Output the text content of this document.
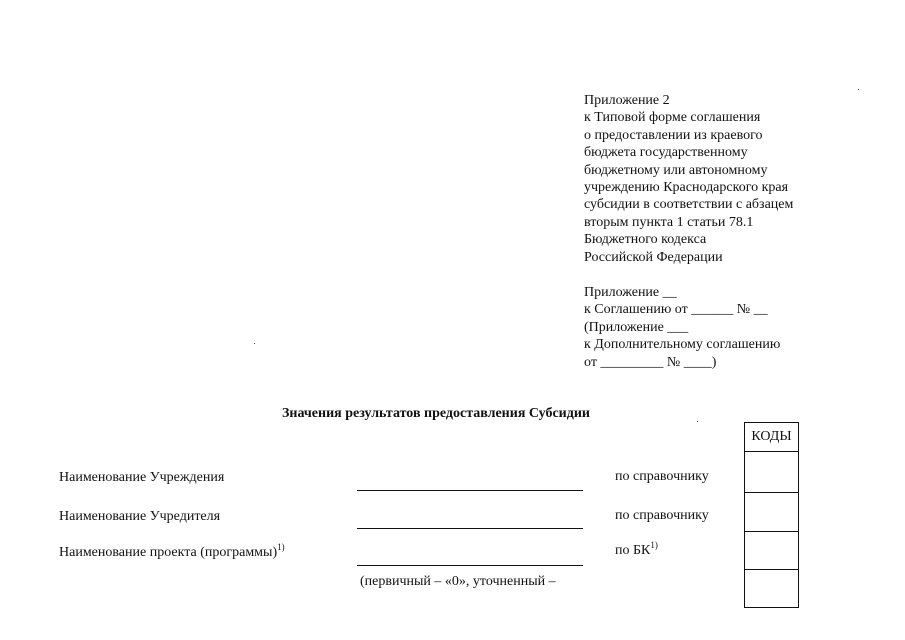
Приложение 2
к Типовой форме соглашения
о предоставлении из краевого
бюджета государственному
бюджетному или автономному
учреждению Краснодарского края
субсидии в соответствии с абзацем
вторым пункта 1 статьи 78.1
Бюджетного кодекса
Российской Федерации
Приложение __
к Соглашению от ______ № __
(Приложение ___
к Дополнительному соглашению
от _________ № ____)
Значения результатов предоставления Субсидии
КОДЫ
Наименование Учреждения	по справочнику
Наименование Учредителя	по справочнику
Наименование проекта (программы)$^{1)}$	по БК$^{1)}$
(первичный – «0», уточненный –
